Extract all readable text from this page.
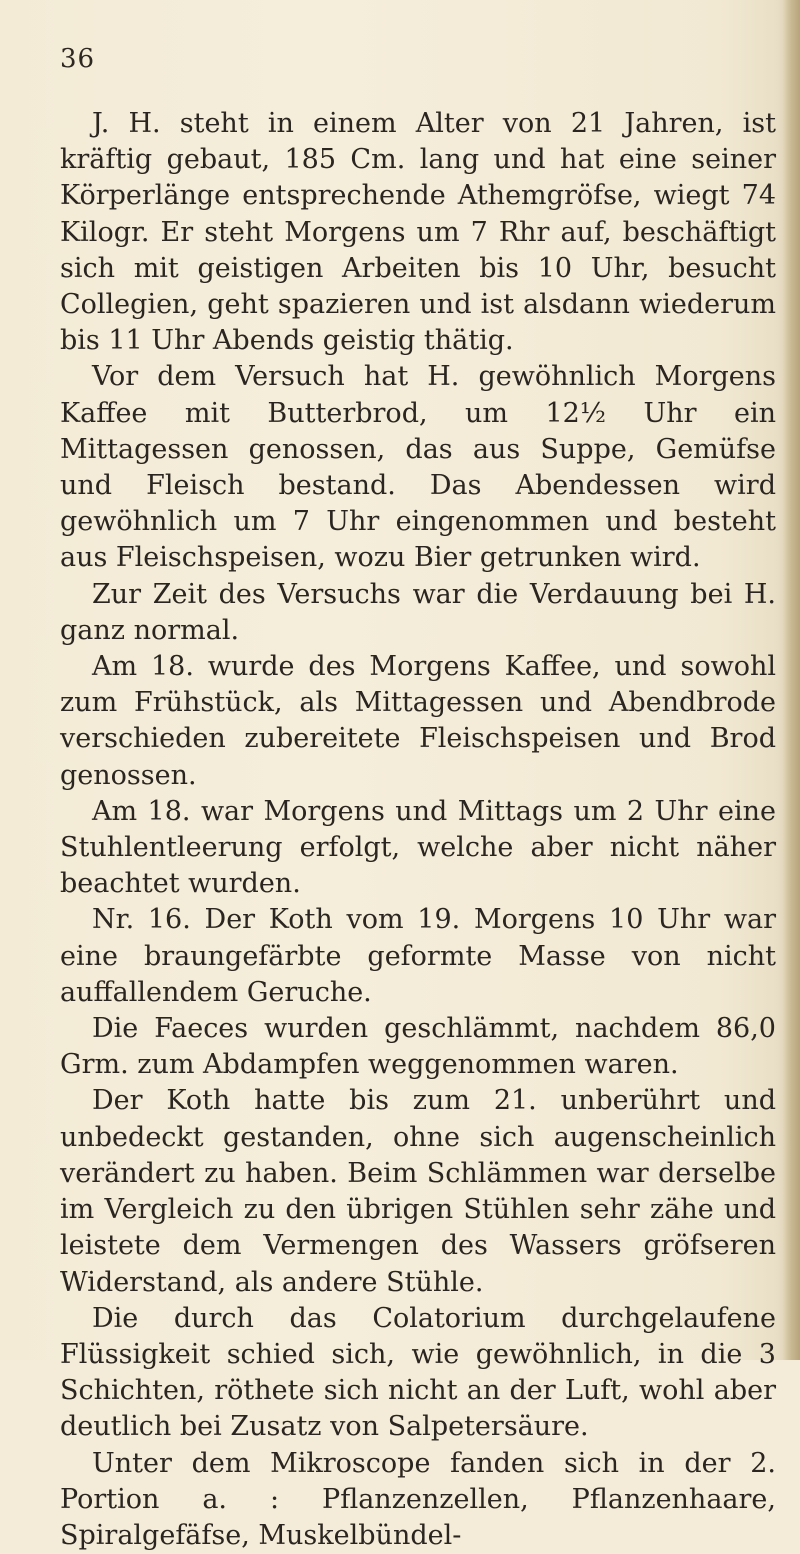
36

J. H. steht in einem Alter von 21 Jahren, ist kräftig gebaut, 185 Cm. lang und hat eine seiner Körperlänge entsprechende Athemgröfse, wiegt 74 Kilogr. Er steht Morgens um 7 Rhr auf, beschäftigt sich mit geistigen Arbeiten bis 10 Uhr, besucht Collegien, geht spazieren und ist alsdann wiederum bis 11 Uhr Abends geistig thätig.

Vor dem Versuch hat H. gewöhnlich Morgens Kaffee mit Butterbrod, um 12½ Uhr ein Mittagessen genossen, das aus Suppe, Gemüfse und Fleisch bestand. Das Abendessen wird gewöhnlich um 7 Uhr eingenommen und besteht aus Fleischspeisen, wozu Bier getrunken wird.

Zur Zeit des Versuchs war die Verdauung bei H. ganz normal.

Am 18. wurde des Morgens Kaffee, und sowohl zum Frühstück, als Mittagessen und Abendbrode verschieden zubereitete Fleischspeisen und Brod genossen.

Am 18. war Morgens und Mittags um 2 Uhr eine Stuhlentleerung erfolgt, welche aber nicht näher beachtet wurden.

Nr. 16. Der Koth vom 19. Morgens 10 Uhr war eine braungefärbte geformte Masse von nicht auffallendem Geruche.

Die Faeces wurden geschlämmt, nachdem 86,0 Grm. zum Abdampfen weggenommen waren.

Der Koth hatte bis zum 21. unberührt und unbedeckt gestanden, ohne sich augenscheinlich verändert zu haben. Beim Schlämmen war derselbe im Vergleich zu den übrigen Stühlen sehr zähe und leistete dem Vermengen des Wassers gröfseren Widerstand, als andere Stühle.

Die durch das Colatorium durchgelaufene Flüssigkeit schied sich, wie gewöhnlich, in die 3 Schichten, röthete sich nicht an der Luft, wohl aber deutlich bei Zusatz von Salpetersäure.

Unter dem Mikroscope fanden sich in der 2. Portion a. : Pflanzenzellen, Pflanzenhaare, Spiralgefäfse, Muskelbündel-
